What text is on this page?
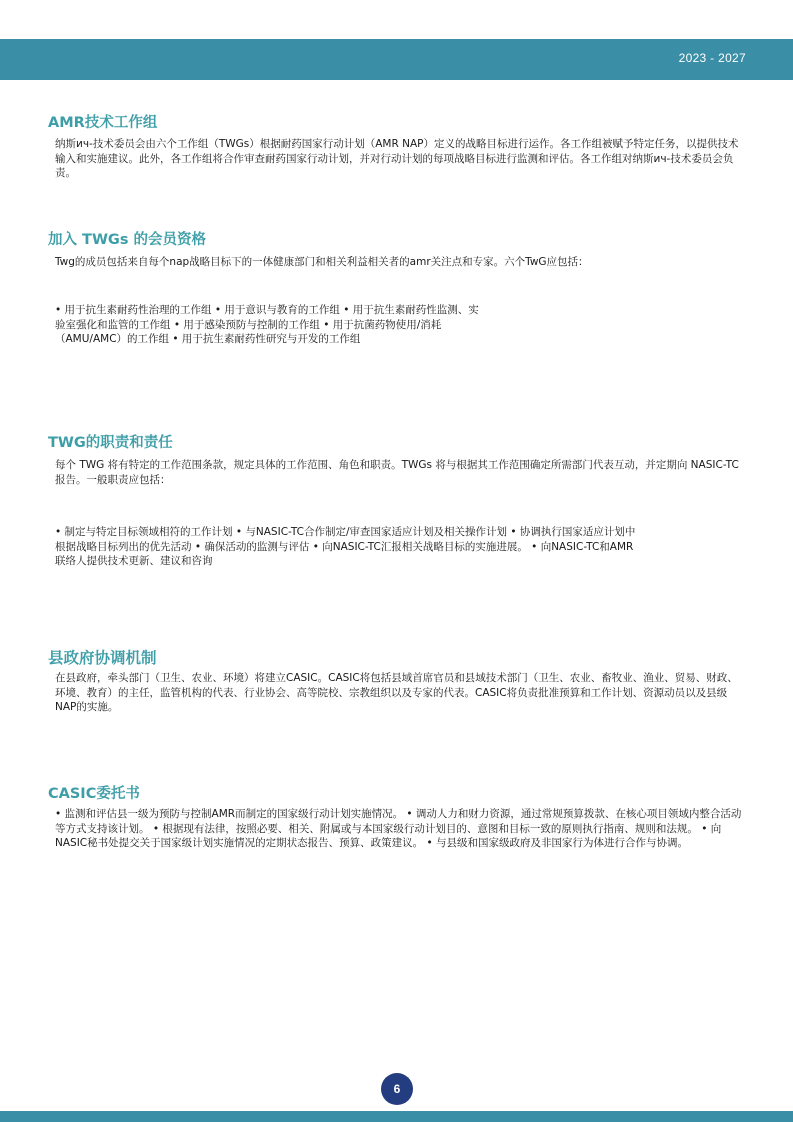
2023 - 2027
AMR技术工作组

纳斯ич-技术委员会由六个工作组（TWGs）根据耐药国家行动计划（AMR NAP）定义的战略目标进行运作。各工作组被赋予特定任务，以提供技术输入和实施建议。此外，各工作组将合作审查耐药国家行动计划，并对行动计划的每项战略目标进行监测和评估。各工作组对纳斯ич-技术委员会负责。

加入 TWGs 的会员资格

Twg的成员包括来自每个nap战略目标下的一体健康部门和相关利益相关者的amr关注点和专家。六个TwG应包括：

• 用于抗生素耐药性治理的工作组 • 用于意识与教育的工作组 • 用于抗生素耐药性监测、实验室强化和监管的工作组 • 用于感染预防与控制的工作组 • 用于抗菌药物使用/消耗（AMU/AMC）的工作组 • 用于抗生素耐药性研究与开发的工作组

TWG的职责和责任

每个 TWG 将有特定的工作范围条款，规定具体的工作范围、角色和职责。TWGs 将与根据其工作范围确定所需部门代表互动，并定期向 NASIC-TC 报告。一般职责应包括：

• 制定与特定目标领域相符的工作计划 • 与NASIC-TC合作制定/审查国家适应计划及相关操作计划 • 协调执行国家适应计划中根据战略目标列出的优先活动 • 确保活动的监测与评估 • 向NASIC-TC汇报相关战略目标的实施进展。 • 向NASIC-TC和AMR联络人提供技术更新、建议和咨询

县政府协调机制

在县政府，牵头部门（卫生、农业、环境）将建立CASIC。CASIC将包括县域首席官员和县域技术部门（卫生、农业、畜牧业、渔业、贸易、财政、环境、教育）的主任，监管机构的代表、行业协会、高等院校、宗教组织以及专家的代表。CASIC将负责批准预算和工作计划、资源动员以及县级NAP的实施。

CASIC委托书

• 监测和评估县一级为预防与控制AMR而制定的国家级行动计划实施情况。 • 调动人力和财力资源，通过常规预算拨款、在核心项目领域内整合活动等方式支持该计划。 • 根据现有法律，按照必要、相关、附属或与本国家级行动计划目的、意图和目标一致的原则执行指南、规则和法规。 • 向NASIC秘书处提交关于国家级计划实施情况的定期状态报告、预算、政策建议。 • 与县级和国家级政府及非国家行为体进行合作与协调。

6
